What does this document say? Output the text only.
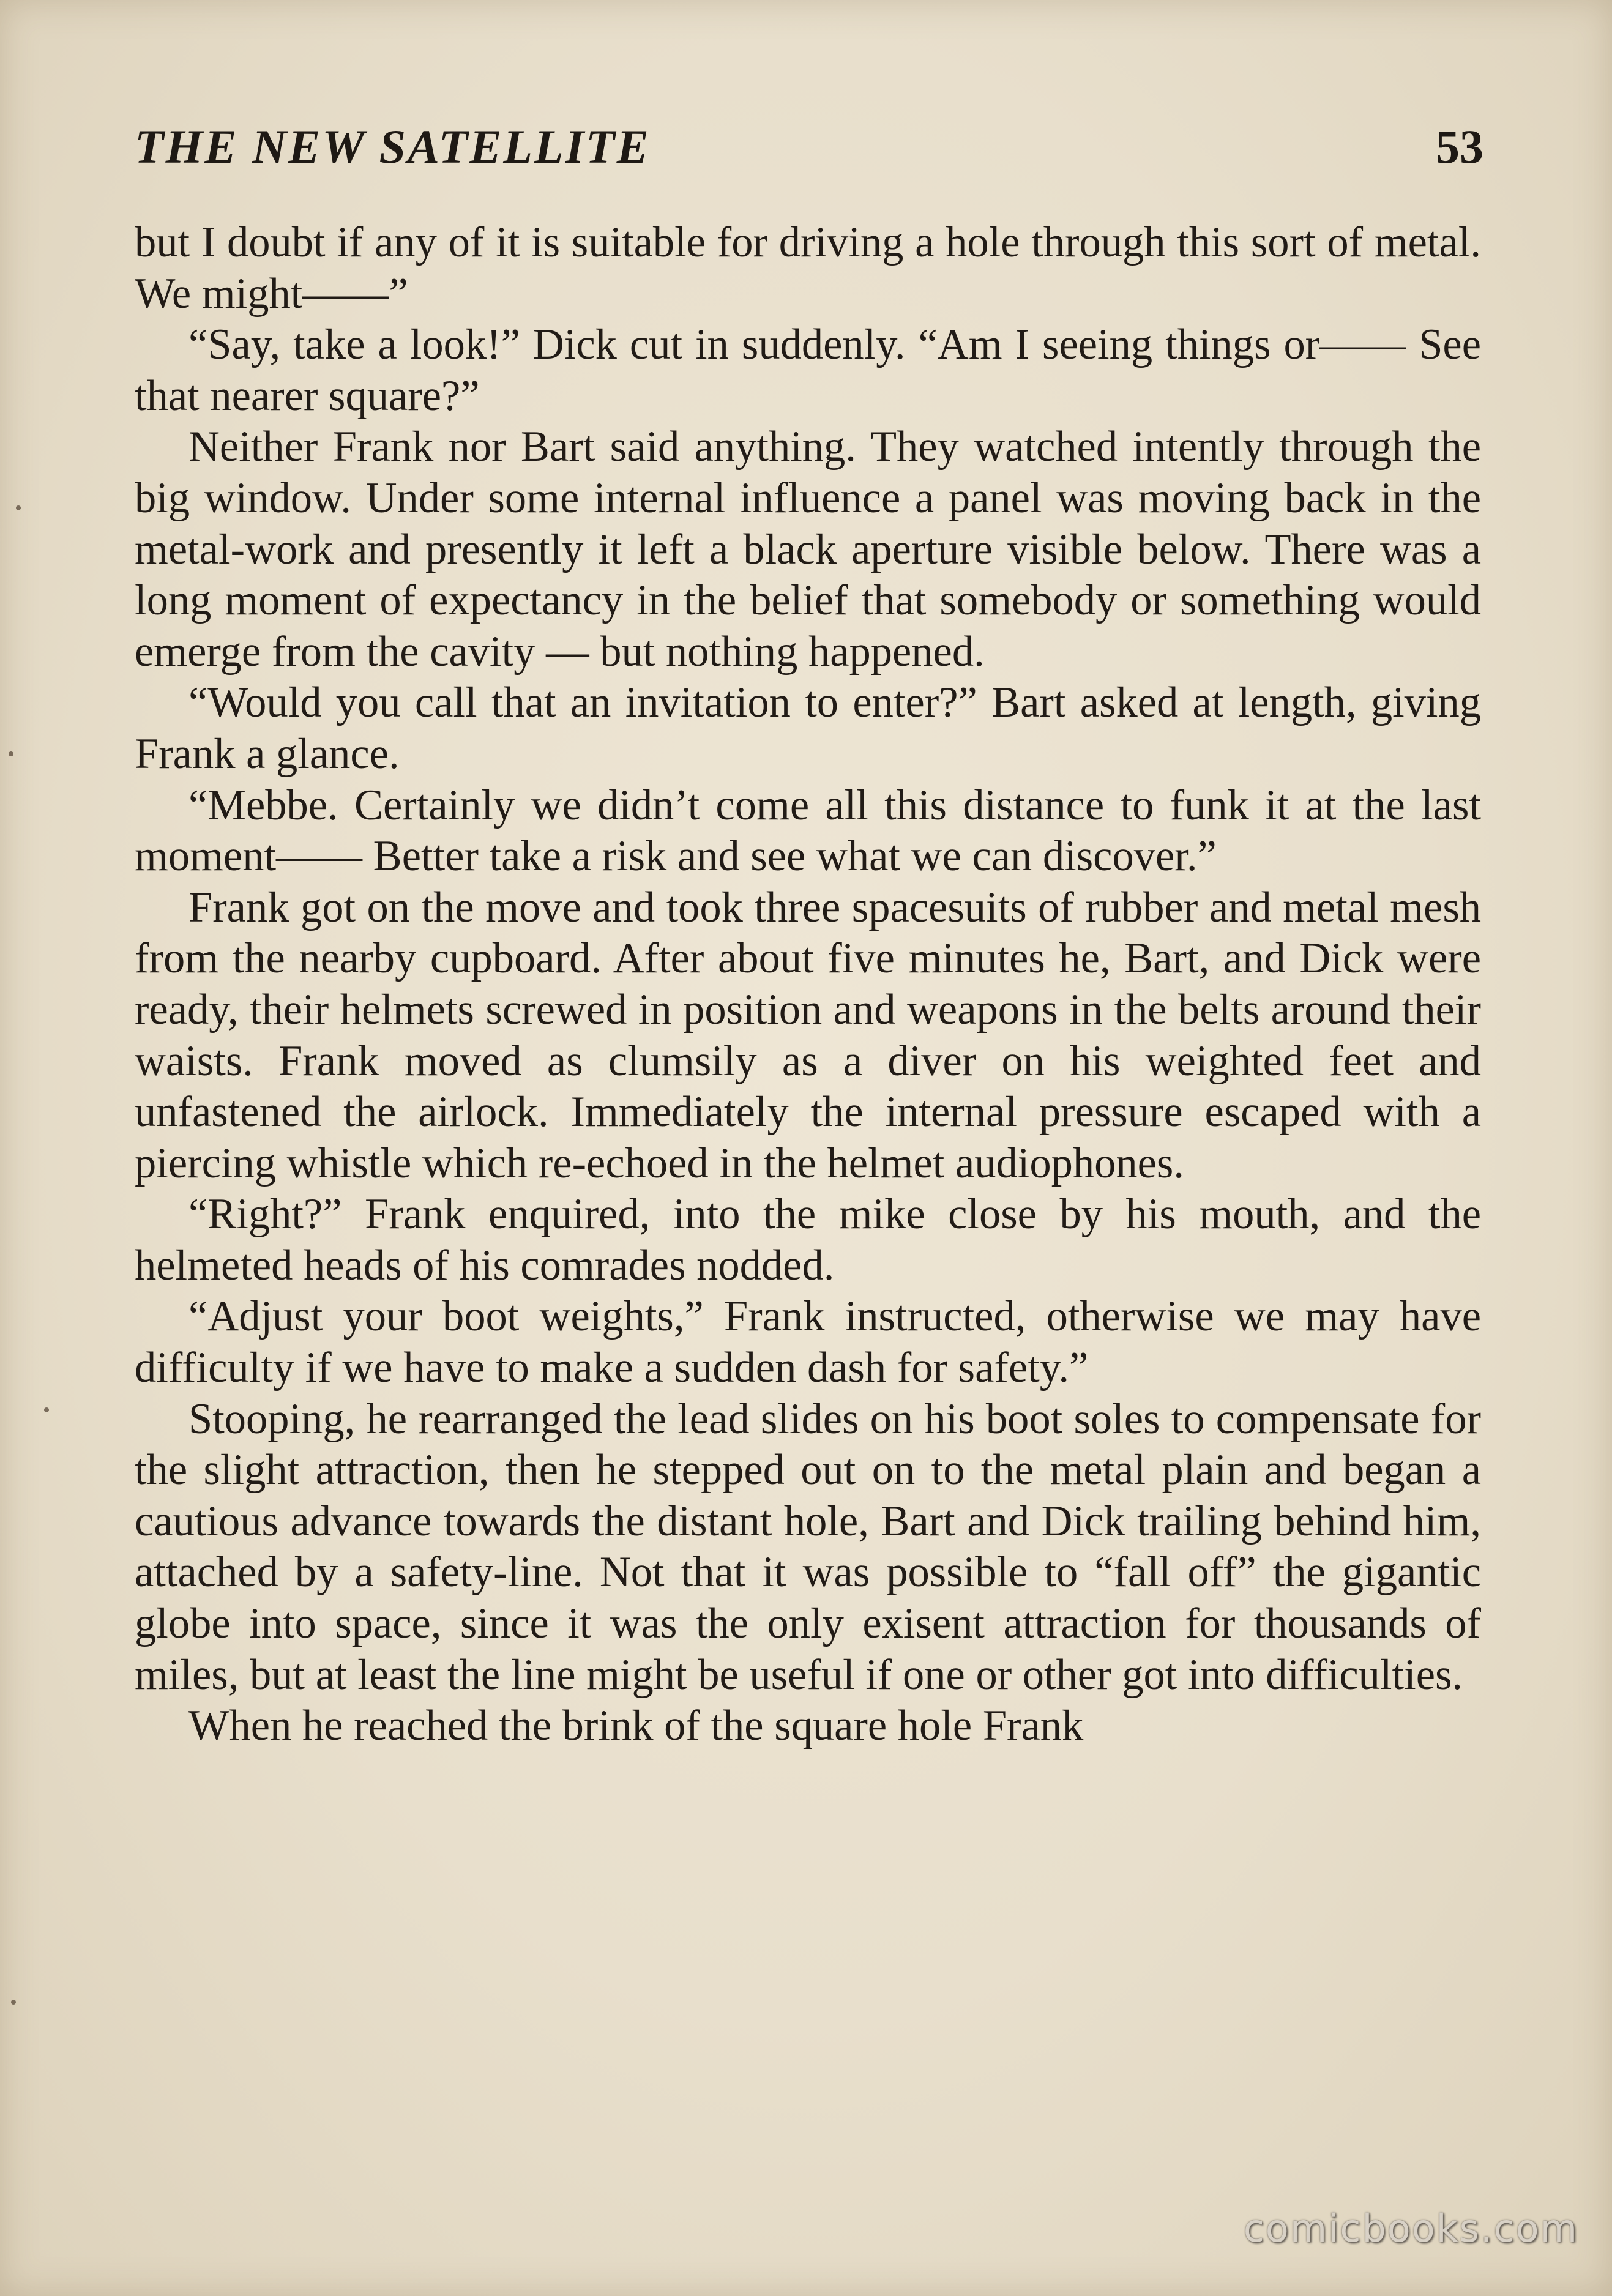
THE NEW SATELLITE	53

but I doubt if any of it is suitable for driving a hole through this sort of metal. We might——”

“Say, take a look!” Dick cut in suddenly. “Am I seeing things or—— See that nearer square?”

Neither Frank nor Bart said anything. They watched intently through the big window. Under some internal influence a panel was moving back in the metal-work and presently it left a black aperture visible below. There was a long moment of expectancy in the belief that somebody or something would emerge from the cavity — but nothing happened.

“Would you call that an invitation to enter?” Bart asked at length, giving Frank a glance.

“Mebbe. Certainly we didn’t come all this distance to funk it at the last moment—— Better take a risk and see what we can discover.”

Frank got on the move and took three spacesuits of rubber and metal mesh from the nearby cupboard. After about five minutes he, Bart, and Dick were ready, their helmets screwed in position and weapons in the belts around their waists. Frank moved as clumsily as a diver on his weighted feet and unfastened the airlock. Immediately the internal pressure escaped with a piercing whistle which re-echoed in the helmet audiophones.

“Right?” Frank enquired, into the mike close by his mouth, and the helmeted heads of his comrades nodded.

“Adjust your boot weights,” Frank instructed, otherwise we may have difficulty if we have to make a sudden dash for safety.”

Stooping, he rearranged the lead slides on his boot soles to compensate for the slight attraction, then he stepped out on to the metal plain and began a cautious advance towards the distant hole, Bart and Dick trailing behind him, attached by a safety-line. Not that it was possible to “fall off” the gigantic globe into space, since it was the only exisent attraction for thousands of miles, but at least the line might be useful if one or other got into difficulties.

When he reached the brink of the square hole Frank

comicbooks.com
